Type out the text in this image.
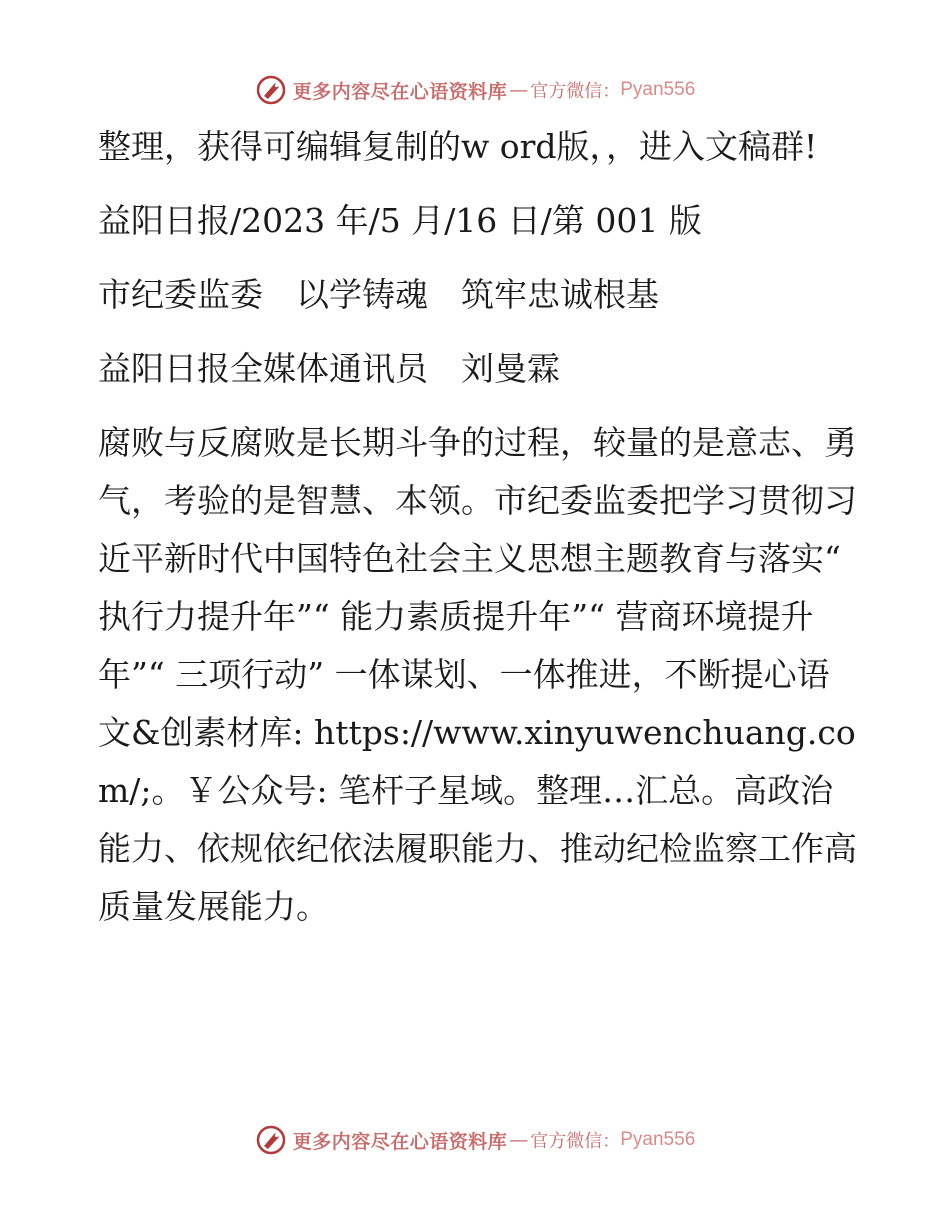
更多内容尽在心语资料库 — 官方微信： Pyan556

整理，获得可编辑复制的w ord版，，进入文稿群!

益阳日报/2023 年/5 月/16 日/第 001 版

市纪委监委　以学铸魂　筑牢忠诚根基

益阳日报全媒体通讯员　刘曼霖

腐败与反腐败是长期斗争的过程，较量的是意志、勇气，考验的是智慧、本领。市纪委监委把学习贯彻习近平新时代中国特色社会主义思想主题教育与落实“ 执行力提升年”“ 能力素质提升年”“ 营商环境提升年”“ 三项行动” 一体谋划、一体推进，不断提心语文&创素材库: https://www.xinyuwenchuang.com/;。￥公众号: 笔杆子星域。整理…汇总。高政治能力、依规依纪依法履职能力、推动纪检监察工作高质量发展能力。

更多内容尽在心语资料库 — 官方微信： Pyan556
